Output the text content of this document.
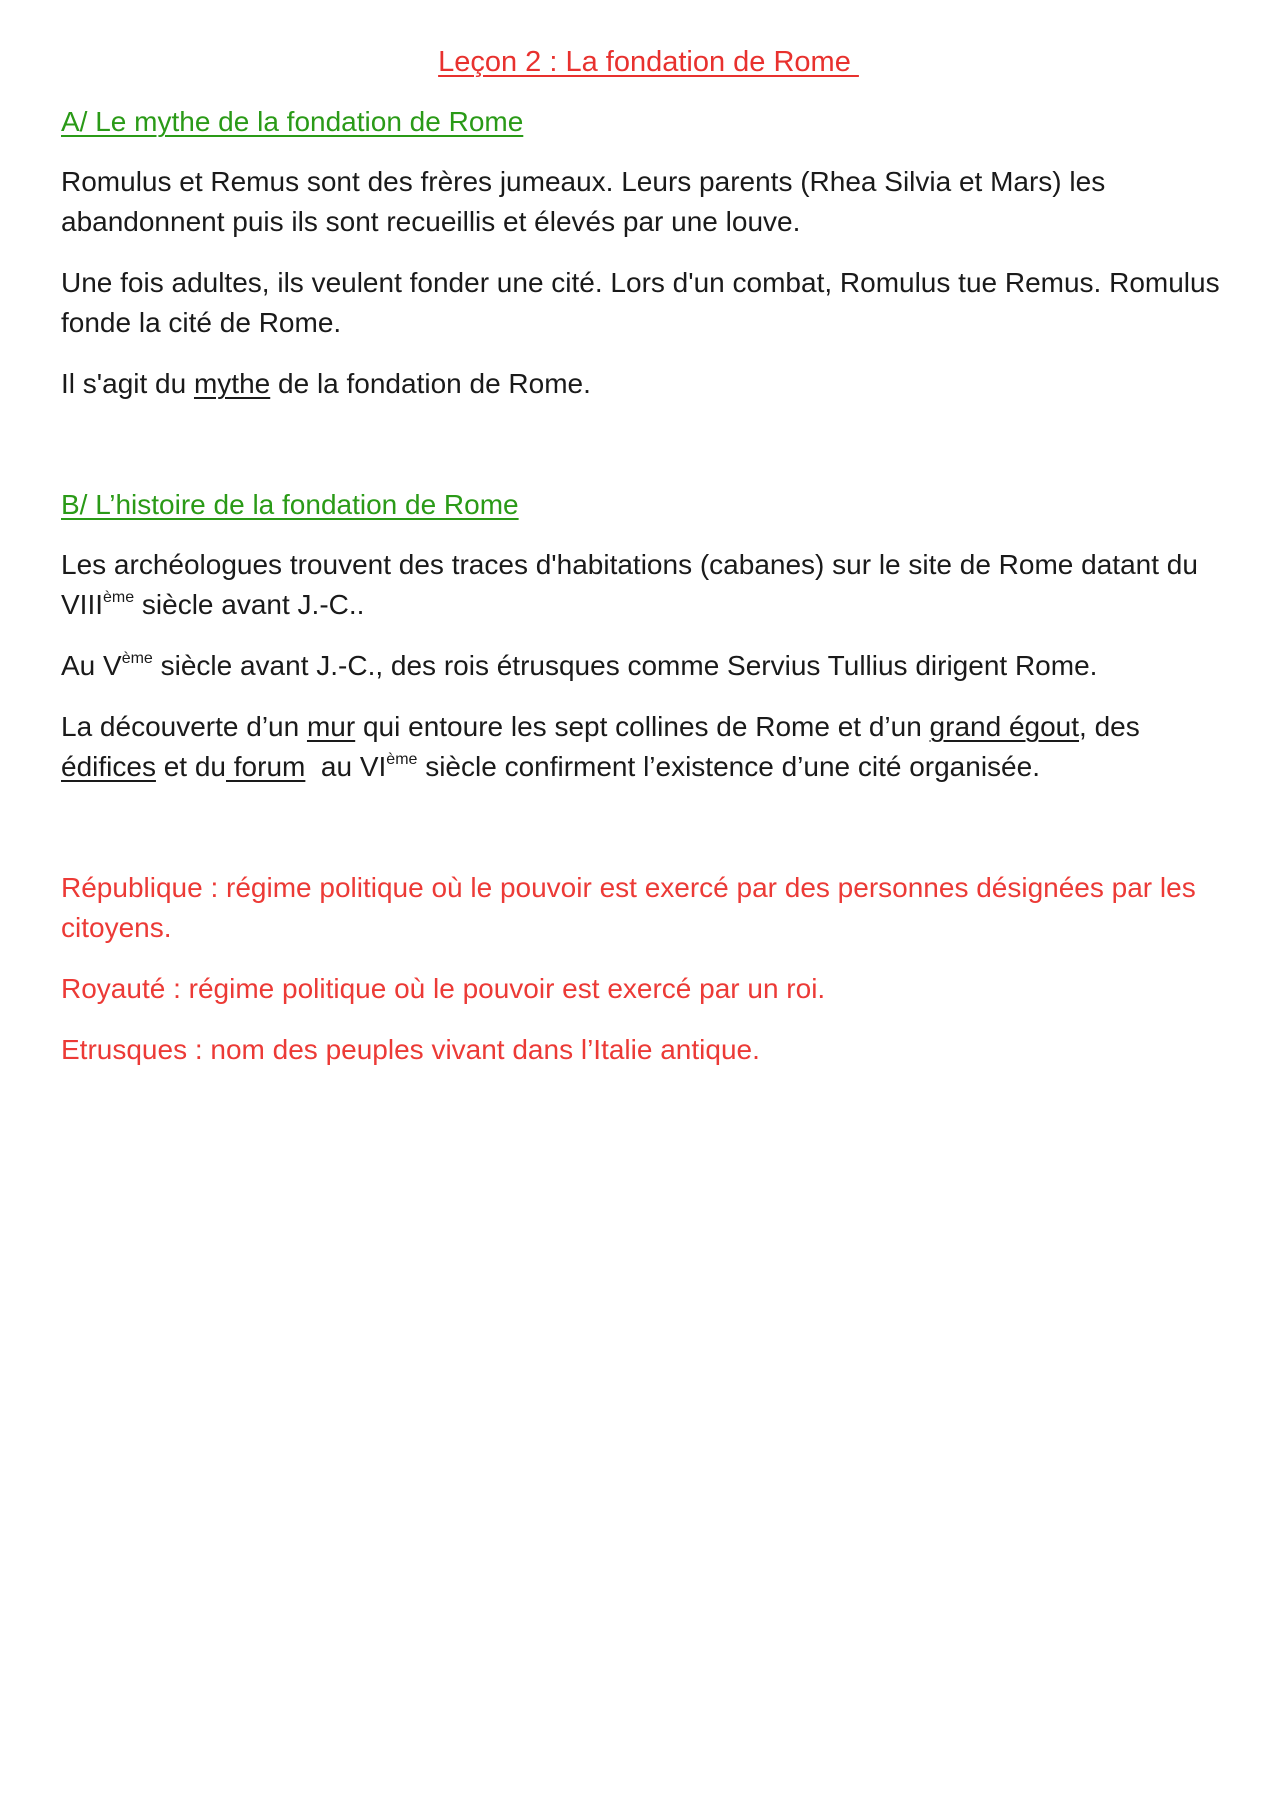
Leçon 2 : La fondation de Rome
A/ Le mythe de la fondation de Rome

Romulus et Remus sont des frères jumeaux. Leurs parents (Rhea Silvia et Mars) les abandonnent puis ils sont recueillis et élevés par une louve.

Une fois adultes, ils veulent fonder une cité. Lors d'un combat, Romulus tue Remus. Romulus fonde la cité de Rome.

Il s'agit du mythe de la fondation de Rome.

B/ L’histoire de la fondation de Rome

Les archéologues trouvent des traces d'habitations (cabanes) sur le site de Rome datant du VIIIème siècle avant J.-C..

Au Vème siècle avant J.-C., des rois étrusques comme Servius Tullius dirigent Rome.

La découverte d’un mur qui entoure les sept collines de Rome et d’un grand égout, des édifices et du forum  au VIème siècle confirment l’existence d’une cité organisée.

République : régime politique où le pouvoir est exercé par des personnes désignées par les citoyens.

Royauté : régime politique où le pouvoir est exercé par un roi.

Etrusques : nom des peuples vivant dans l’Italie antique.
